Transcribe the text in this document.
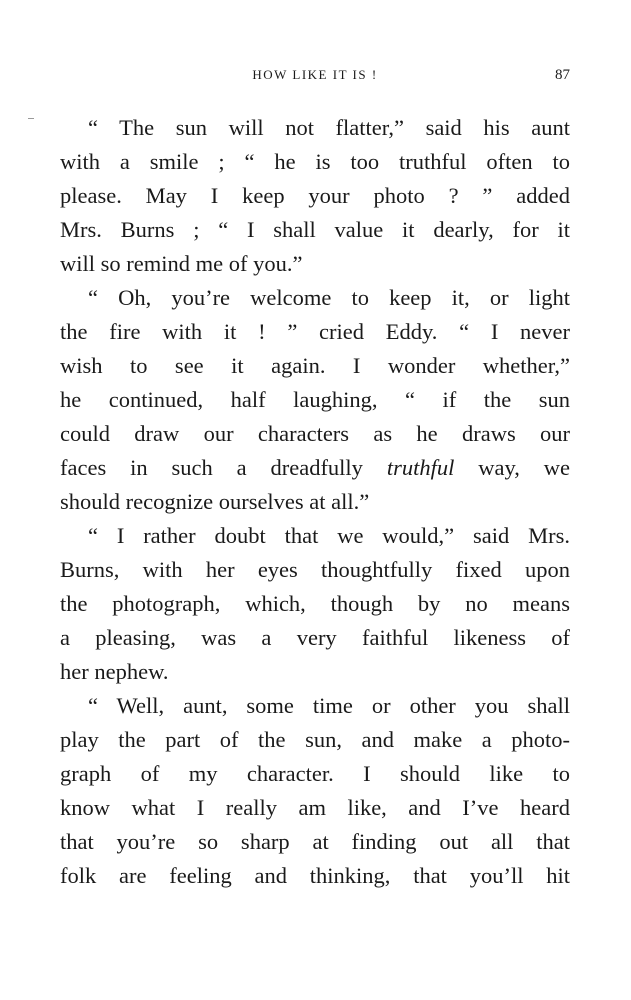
HOW LIKE IT IS !	87
“ The sun will not flatter,” said his aunt
with a smile ; “ he is too truthful often to
please. May I keep your photo ? ” added
Mrs. Burns ; “ I shall value it dearly, for it
will so remind me of you.”
“ Oh, you’re welcome to keep it, or light
the fire with it ! ” cried Eddy. “ I never
wish to see it again. I wonder whether,”
he continued, half laughing, “ if the sun
could draw our characters as he draws our
faces in such a dreadfully truthful way, we
should recognize ourselves at all.”
“ I rather doubt that we would,” said Mrs.
Burns, with her eyes thoughtfully fixed upon
the photograph, which, though by no means
a pleasing, was a very faithful likeness of
her nephew.
“ Well, aunt, some time or other you shall
play the part of the sun, and make a photo-
graph of my character. I should like to
know what I really am like, and I’ve heard
that you’re so sharp at finding out all that
folk are feeling and thinking, that you’ll hit
